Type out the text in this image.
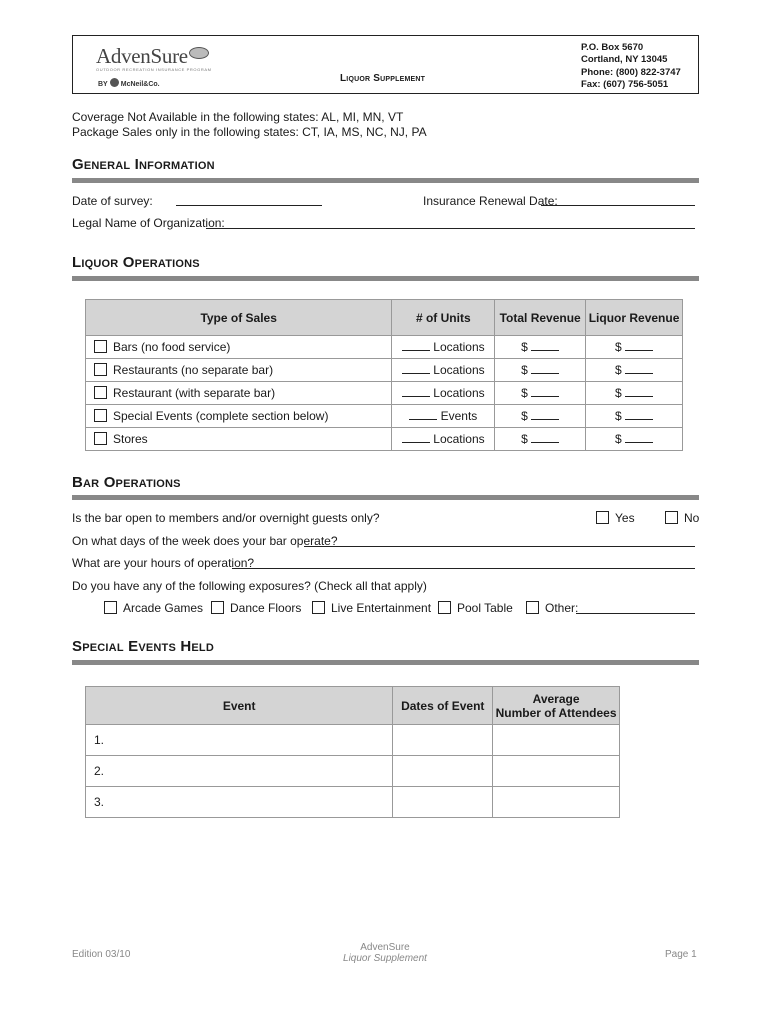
AdvenSure
OUTDOOR RECREATION INSURANCE PROGRAM
BY McNeil&Co.
Liquor Supplement
P.O. Box 5670
Cortland, NY 13045
Phone: (800) 822-3747
Fax: (607) 756-5051
Coverage Not Available in the following states: AL, MI, MN, VT
Package Sales only in the following states: CT, IA, MS, NC, NJ, PA
General Information
Date of survey:	Insurance Renewal Date:
Legal Name of Organization:
Liquor Operations
Type of Sales	# of Units	Total Revenue	Liquor Revenue
Bars (no food service)	Locations	$	$
Restaurants (no separate bar)	Locations	$	$
Restaurant (with separate bar)	Locations	$	$
Special Events (complete section below)	Events	$	$
Stores	Locations	$	$
Bar Operations
Is the bar open to members and/or overnight guests only?	Yes	No
On what days of the week does your bar operate?
What are your hours of operation?
Do you have any of the following exposures? (Check all that apply)
Arcade Games	Dance Floors	Live Entertainment	Pool Table	Other:
Special Events Held
Event	Dates of Event	Average
Number of Attendees

1.		
2.		
3.		
Edition 03/10
AdvenSure
Liquor Supplement	Page 1
